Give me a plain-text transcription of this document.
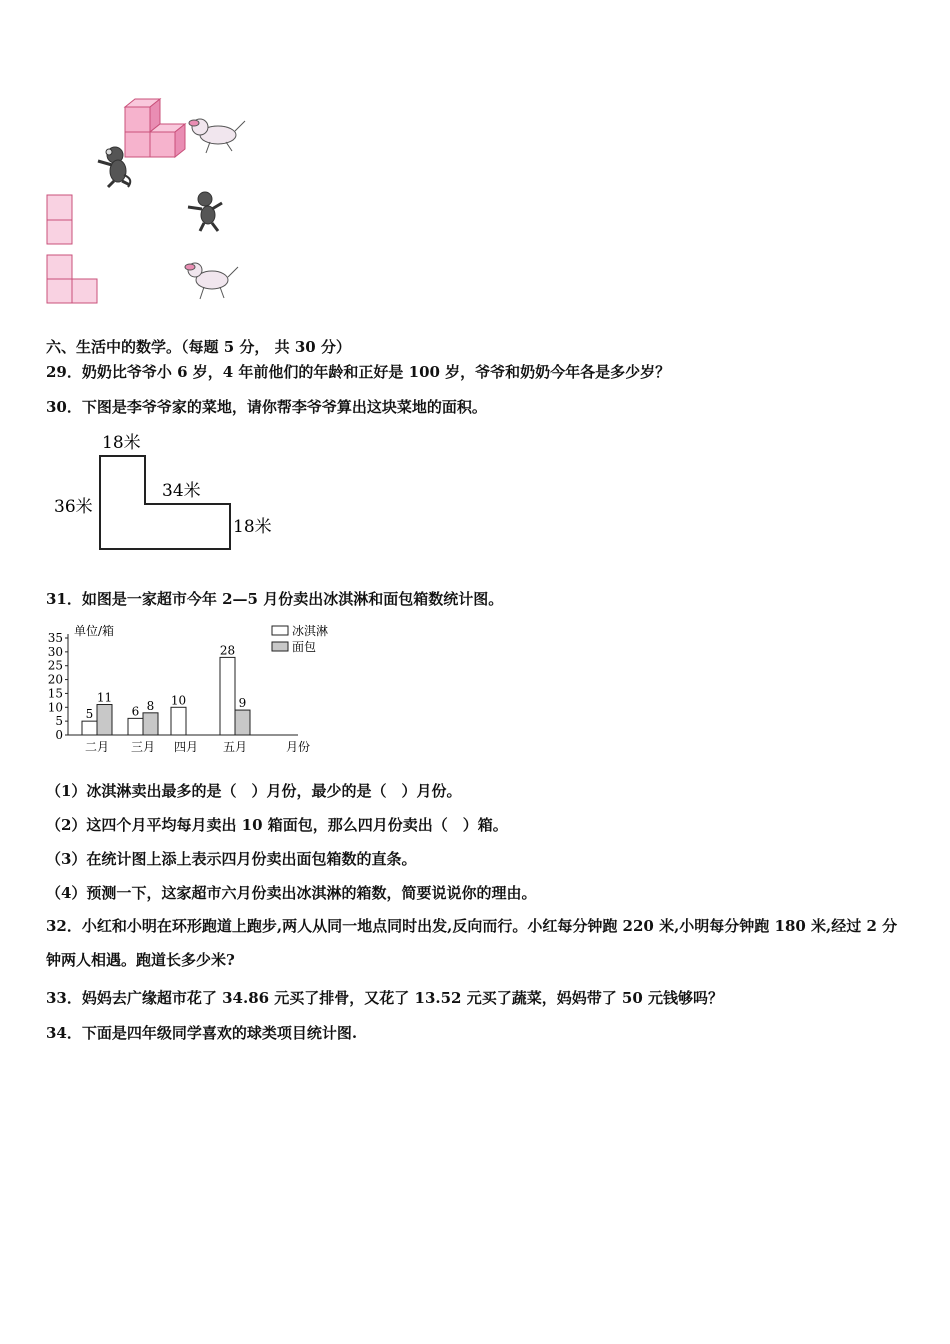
六、生活中的数学。（每题 5 分， 共 30 分）
29．奶奶比爷爷小 6 岁，4 年前他们的年龄和正好是 100 岁，爷爷和奶奶今年各是多少岁？
30．下图是李爷爷家的菜地，请你帮李爷爷算出这块菜地的面积。
18米
36米
34米
18米
31．如图是一家超市今年 2—5 月份卖出冰淇淋和面包箱数统计图。
单位/箱	冰淇淋
面包
0
5
10
15
20
25
30
35
月份
5
11
二月
6 8
三月
10
四月
28
9
五月
（1）冰淇淋卖出最多的是（　）月份，最少的是（　）月份。
（2）这四个月平均每月卖出 10 箱面包，那么四月份卖出（　）箱。
（3）在统计图上添上表示四月份卖出面包箱数的直条。
（4）预测一下，这家超市六月份卖出冰淇淋的箱数，简要说说你的理由。
32．小红和小明在环形跑道上跑步,两人从同一地点同时出发,反向而行。小红每分钟跑 220 米,小明每分钟跑 180 米,经过 2 分钟两人相遇。跑道长多少米?
33．妈妈去广缘超市花了 34.86 元买了排骨，又花了 13.52 元买了蔬菜，妈妈带了 50 元钱够吗？
34．下面是四年级同学喜欢的球类项目统计图.
